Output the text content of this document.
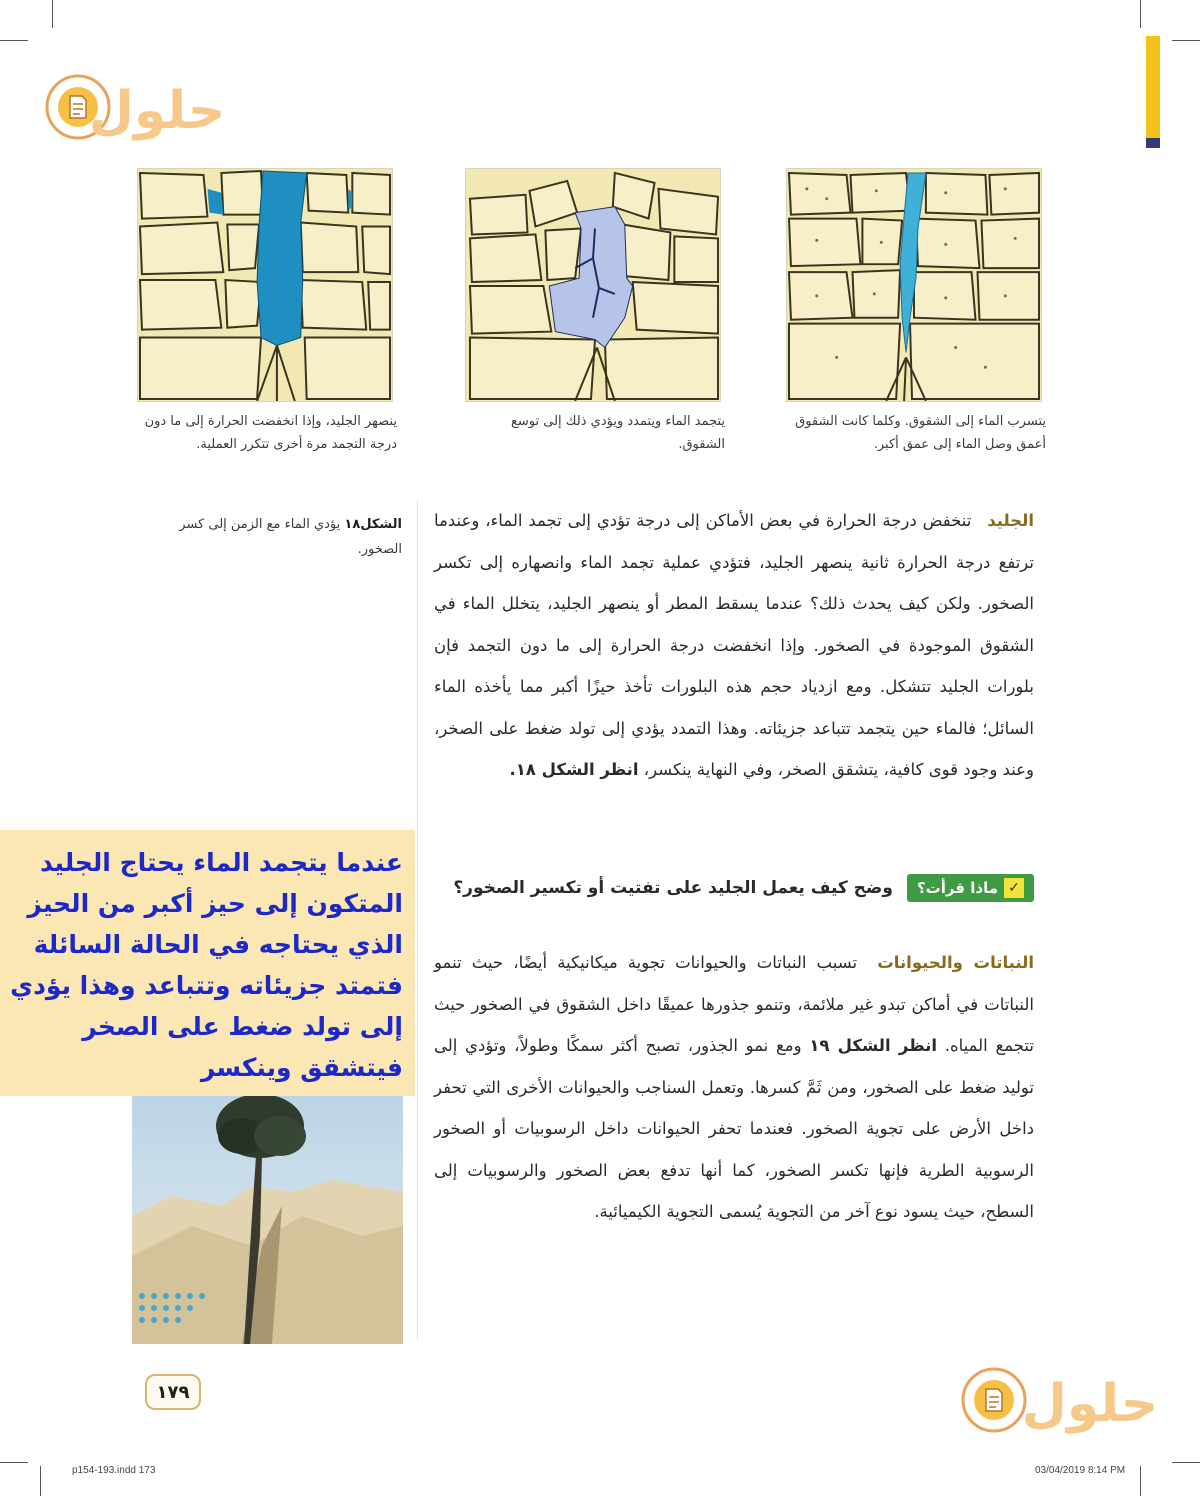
حلول
حلول
يتسرب الماء إلى الشقوق. وكلما كانت الشقوق أعمق وصل الماء إلى عمق أكبر.
يتجمد الماء ويتمدد ويؤدي ذلك إلى توسع الشقوق.
ينصهر الجليد، وإذا انخفضت الحرارة إلى ما دون درجة التجمد مرة أخرى تتكرر العملية.
الجليد تنخفض درجة الحرارة في بعض الأماكن إلى درجة تؤدي إلى تجمد الماء، وعندما ترتفع درجة الحرارة ثانية ينصهر الجليد، فتؤدي عملية تجمد الماء وانصهاره إلى تكسر الصخور. ولكن كيف يحدث ذلك؟ عندما يسقط المطر أو ينصهر الجليد، يتخلل الماء في الشقوق الموجودة في الصخور. وإذا انخفضت درجة الحرارة إلى ما دون التجمد فإن بلورات الجليد تتشكل. ومع ازدياد حجم هذه البلورات تأخذ حيزًا أكبر مما يأخذه الماء السائل؛ فالماء حين يتجمد تتباعد جزيئاته. وهذا التمدد يؤدي إلى تولد ضغط على الصخر، وعند وجود قوى كافية، يتشقق الصخر، وفي النهاية ينكسر، انظر الشكل ١٨.
الشكل١٨ يؤدي الماء مع الزمن إلى كسر الصخور.
✓
ماذا قرأت؟
وضح كيف يعمل الجليد على تفتيت أو تكسير الصخور؟
النباتات والحيوانات تسبب النباتات والحيوانات تجوية ميكانيكية أيضًا، حيث تنمو النباتات في أماكن تبدو غير ملائمة، وتنمو جذورها عميقًا داخل الشقوق في الصخور حيث تتجمع المياه. انظر الشكل ١٩ ومع نمو الجذور، تصبح أكثر سمكًا وطولاً، وتؤدي إلى توليد ضغط على الصخور، ومن ثَمَّ كسرها. وتعمل السناجب والحيوانات الأخرى التي تحفر داخل الأرض على تجوية الصخور. فعندما تحفر الحيوانات داخل الرسوبيات أو الصخور الرسوبية الطرية فإنها تكسر الصخور، كما أنها تدفع بعض الصخور والرسوبيات إلى السطح، حيث يسود نوع آخر من التجوية يُسمى التجوية الكيميائية.

عندما يتجمد الماء يحتاج الجليد المتكون إلى حيز أكبر من الحيز الذي يحتاجه في الحالة السائلة فتمتد جزيئاته وتتباعد وهذا يؤدي إلى تولد ضغط على الصخر فيتشقق وينكسر

١٧٩
p154-193.indd 173	03/04/2019 8:14 PM
